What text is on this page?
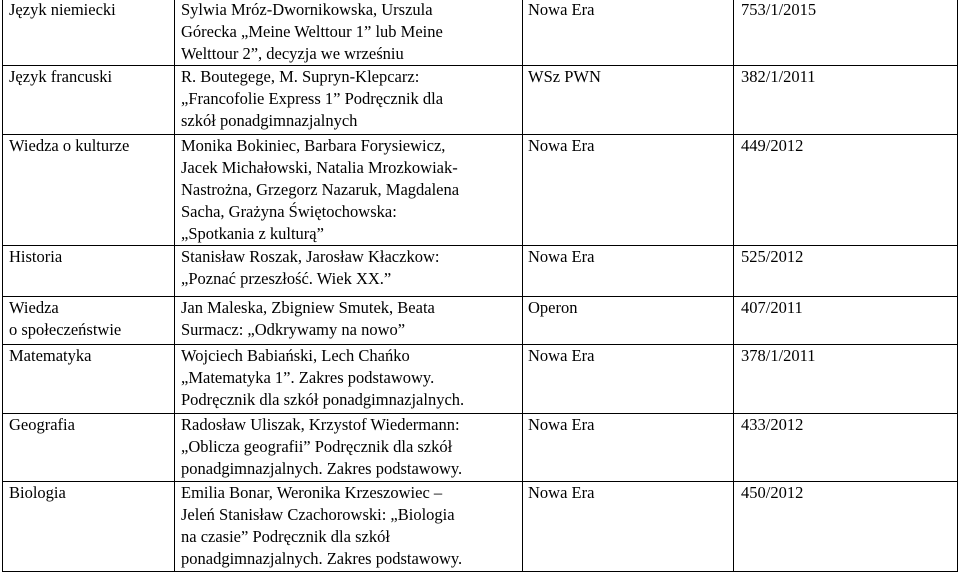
Język niemiecki	Sylwia Mróz-Dwornikowska, Urszula
Górecka „Meine Welttour 1” lub Meine
Welttour 2”, decyzja we wrześniu	Nowa Era	753/1/2015

Język francuski	R. Boutegege, M. Supryn-Klepcarz:
„Francofolie Express 1” Podręcznik dla
szkół ponadgimnazjalnych	WSz PWN	382/1/2011

Wiedza o kulturze	Monika Bokiniec, Barbara Forysiewicz,
Jacek Michałowski, Natalia Mrozkowiak-
Nastrożna, Grzegorz Nazaruk, Magdalena
Sacha, Grażyna Świętochowska:
„Spotkania z kulturą”	Nowa Era	449/2012

Historia	Stanisław Roszak, Jarosław Kłaczkow:
„Poznać przeszłość. Wiek XX.”	Nowa Era	525/2012

Wiedza
o społeczeństwie	Jan Maleska, Zbigniew Smutek, Beata
Surmacz: „Odkrywamy na nowo”	Operon	407/2011

Matematyka	Wojciech Babiański, Lech Chańko
„Matematyka 1”. Zakres podstawowy.
Podręcznik dla szkół ponadgimnazjalnych.	Nowa Era	378/1/2011

Geografia	Radosław Uliszak, Krzystof Wiedermann:
„Oblicza geografii” Podręcznik dla szkół
ponadgimnazjalnych. Zakres podstawowy.	Nowa Era	433/2012

Biologia	Emilia Bonar, Weronika Krzeszowiec –
Jeleń Stanisław Czachorowski: „Biologia
na czasie” Podręcznik dla szkół
ponadgimnazjalnych. Zakres podstawowy.	Nowa Era	450/2012
